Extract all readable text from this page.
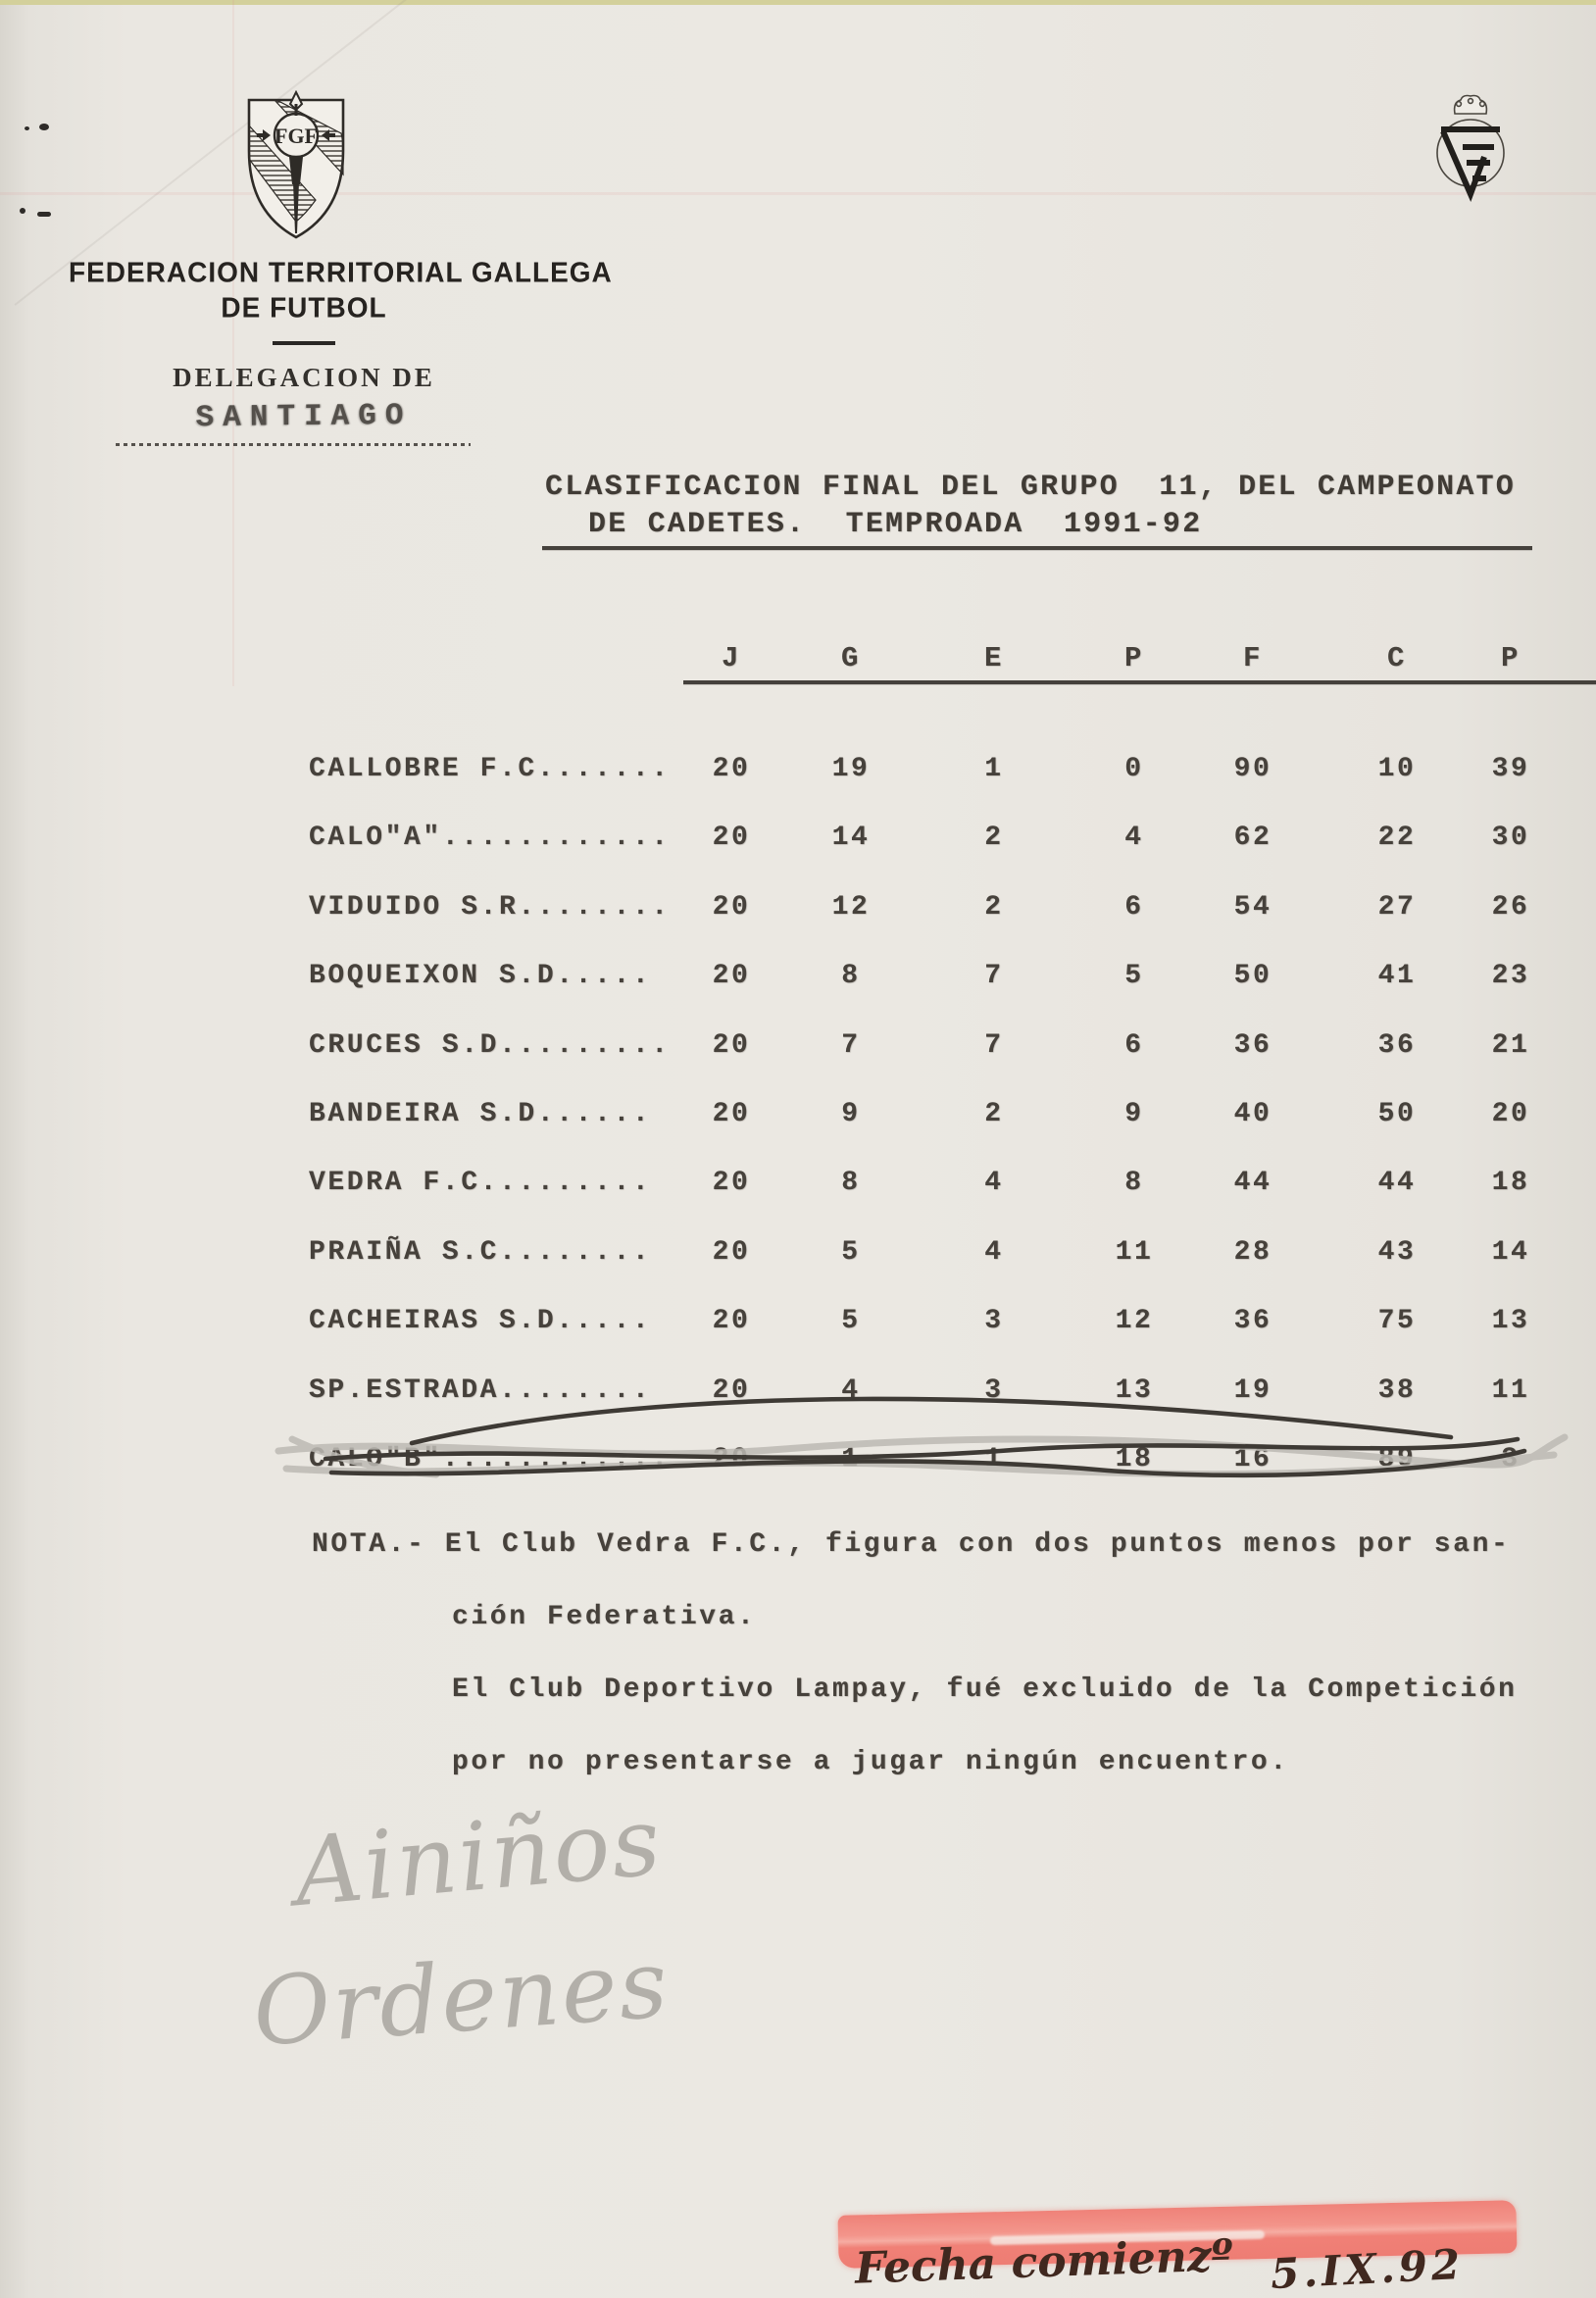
FGF
FEDERACION TERRITORIAL GALLEGA
DE FUTBOL
DELEGACION DE
SANTIAGO
CLASIFICACION FINAL DEL GRUPO  11, DEL CAMPEONATO
DE CADETES.  TEMPROADA  1991-92
J	G	E	P	F	C	P
CALLOBRE F.C.......	20	19	1	0	90	10	39
CALO"A"............	20	14	2	4	62	22	30
VIDUIDO S.R........	20	12	2	6	54	27	26
BOQUEIXON S.D.....	20	8	7	5	50	41	23
CRUCES S.D.........	20	7	7	6	36	36	21
BANDEIRA S.D......	20	9	2	9	40	50	20
VEDRA F.C.........	20	8	4	8	44	44	18
PRAIÑA S.C........	20	5	4	11	28	43	14
CACHEIRAS S.D.....	20	5	3	12	36	75	13
SP.ESTRADA........	20	4	3	13	19	38	11
CALO"B"............	20	1	1	18	16	89	3
NOTA.- El Club Vedra F.C., figura con dos puntos menos por san-
ción Federativa.
El Club Deportivo Lampay, fué excluido de la Competición
por no presentarse a jugar ningún encuentro.
Ainiños
Ordenes
Fecha comienzº 5.IX.92
